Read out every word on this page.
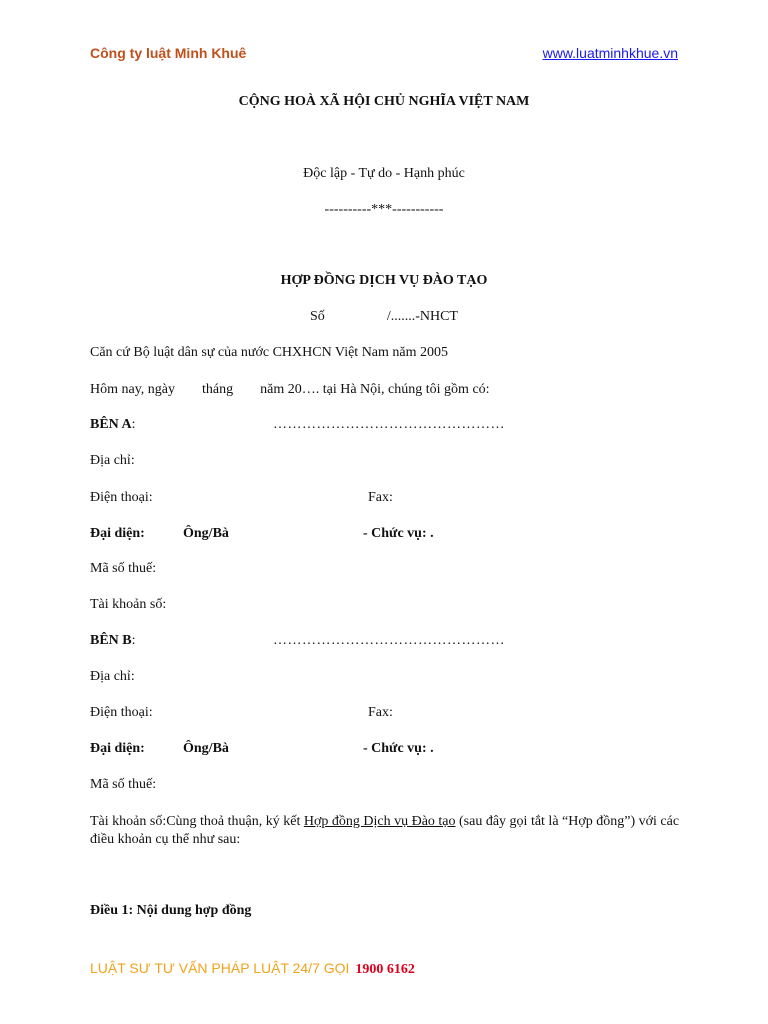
Công ty luật Minh Khuê	www.luatminhkhue.vn
CỘNG HOÀ XÃ HỘI CHỦ NGHĨA VIỆT NAM
Độc lập - Tự do - Hạnh phúc
----------***-----------
HỢP ĐỒNG DỊCH VỤ ĐÀO TẠO
Số	/.......-NHCT
Căn cứ Bộ luật dân sự của nước CHXHCN Việt Nam năm 2005
Hôm nay, ngày tháng năm 20…. tại Hà Nội, chúng tôi gồm có:
BÊN A:	…………………………………………
Địa chỉ:
Điện thoại:	Fax:
Đại diện:	Ông/Bà	- Chức vụ: .
Mã số thuế:
Tài khoản số:
BÊN B:	…………………………………………
Địa chỉ:
Điện thoại:	Fax:
Đại diện:	Ông/Bà	- Chức vụ: .
Mã số thuế:
Tài khoản số:Cùng thoả thuận, ký kết Hợp đồng Dịch vụ Đào tạo (sau đây gọi tắt là “Hợp đồng”) với các điều khoản cụ thể như sau:
Điều 1: Nội dung hợp đồng
LUẬT SƯ TƯ VẤN PHÁP LUẬT 24/7 GỌI 1900 6162
